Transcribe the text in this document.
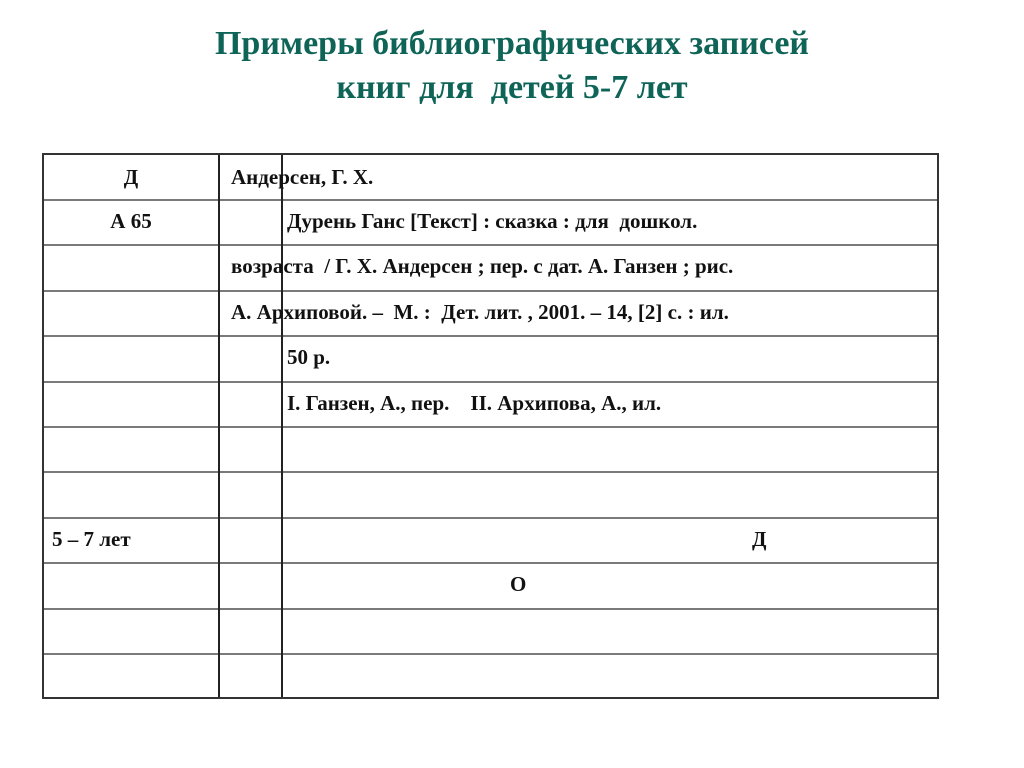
Примеры библиографических записей
книг для  детей 5-7 лет
Д
А 65
5 – 7 лет
Андерсен, Г. Х.
Дурень Ганс [Текст] : сказка : для  дошкол.
возраста  / Г. Х. Андерсен ; пер. с дат. А. Ганзен ; рис.
А. Архиповой. –  М. :  Дет. лит. , 2001. – 14, [2] с. : ил.
50 р.
I. Ганзен, А., пер.    II. Архипова, А., ил.
Д
О
